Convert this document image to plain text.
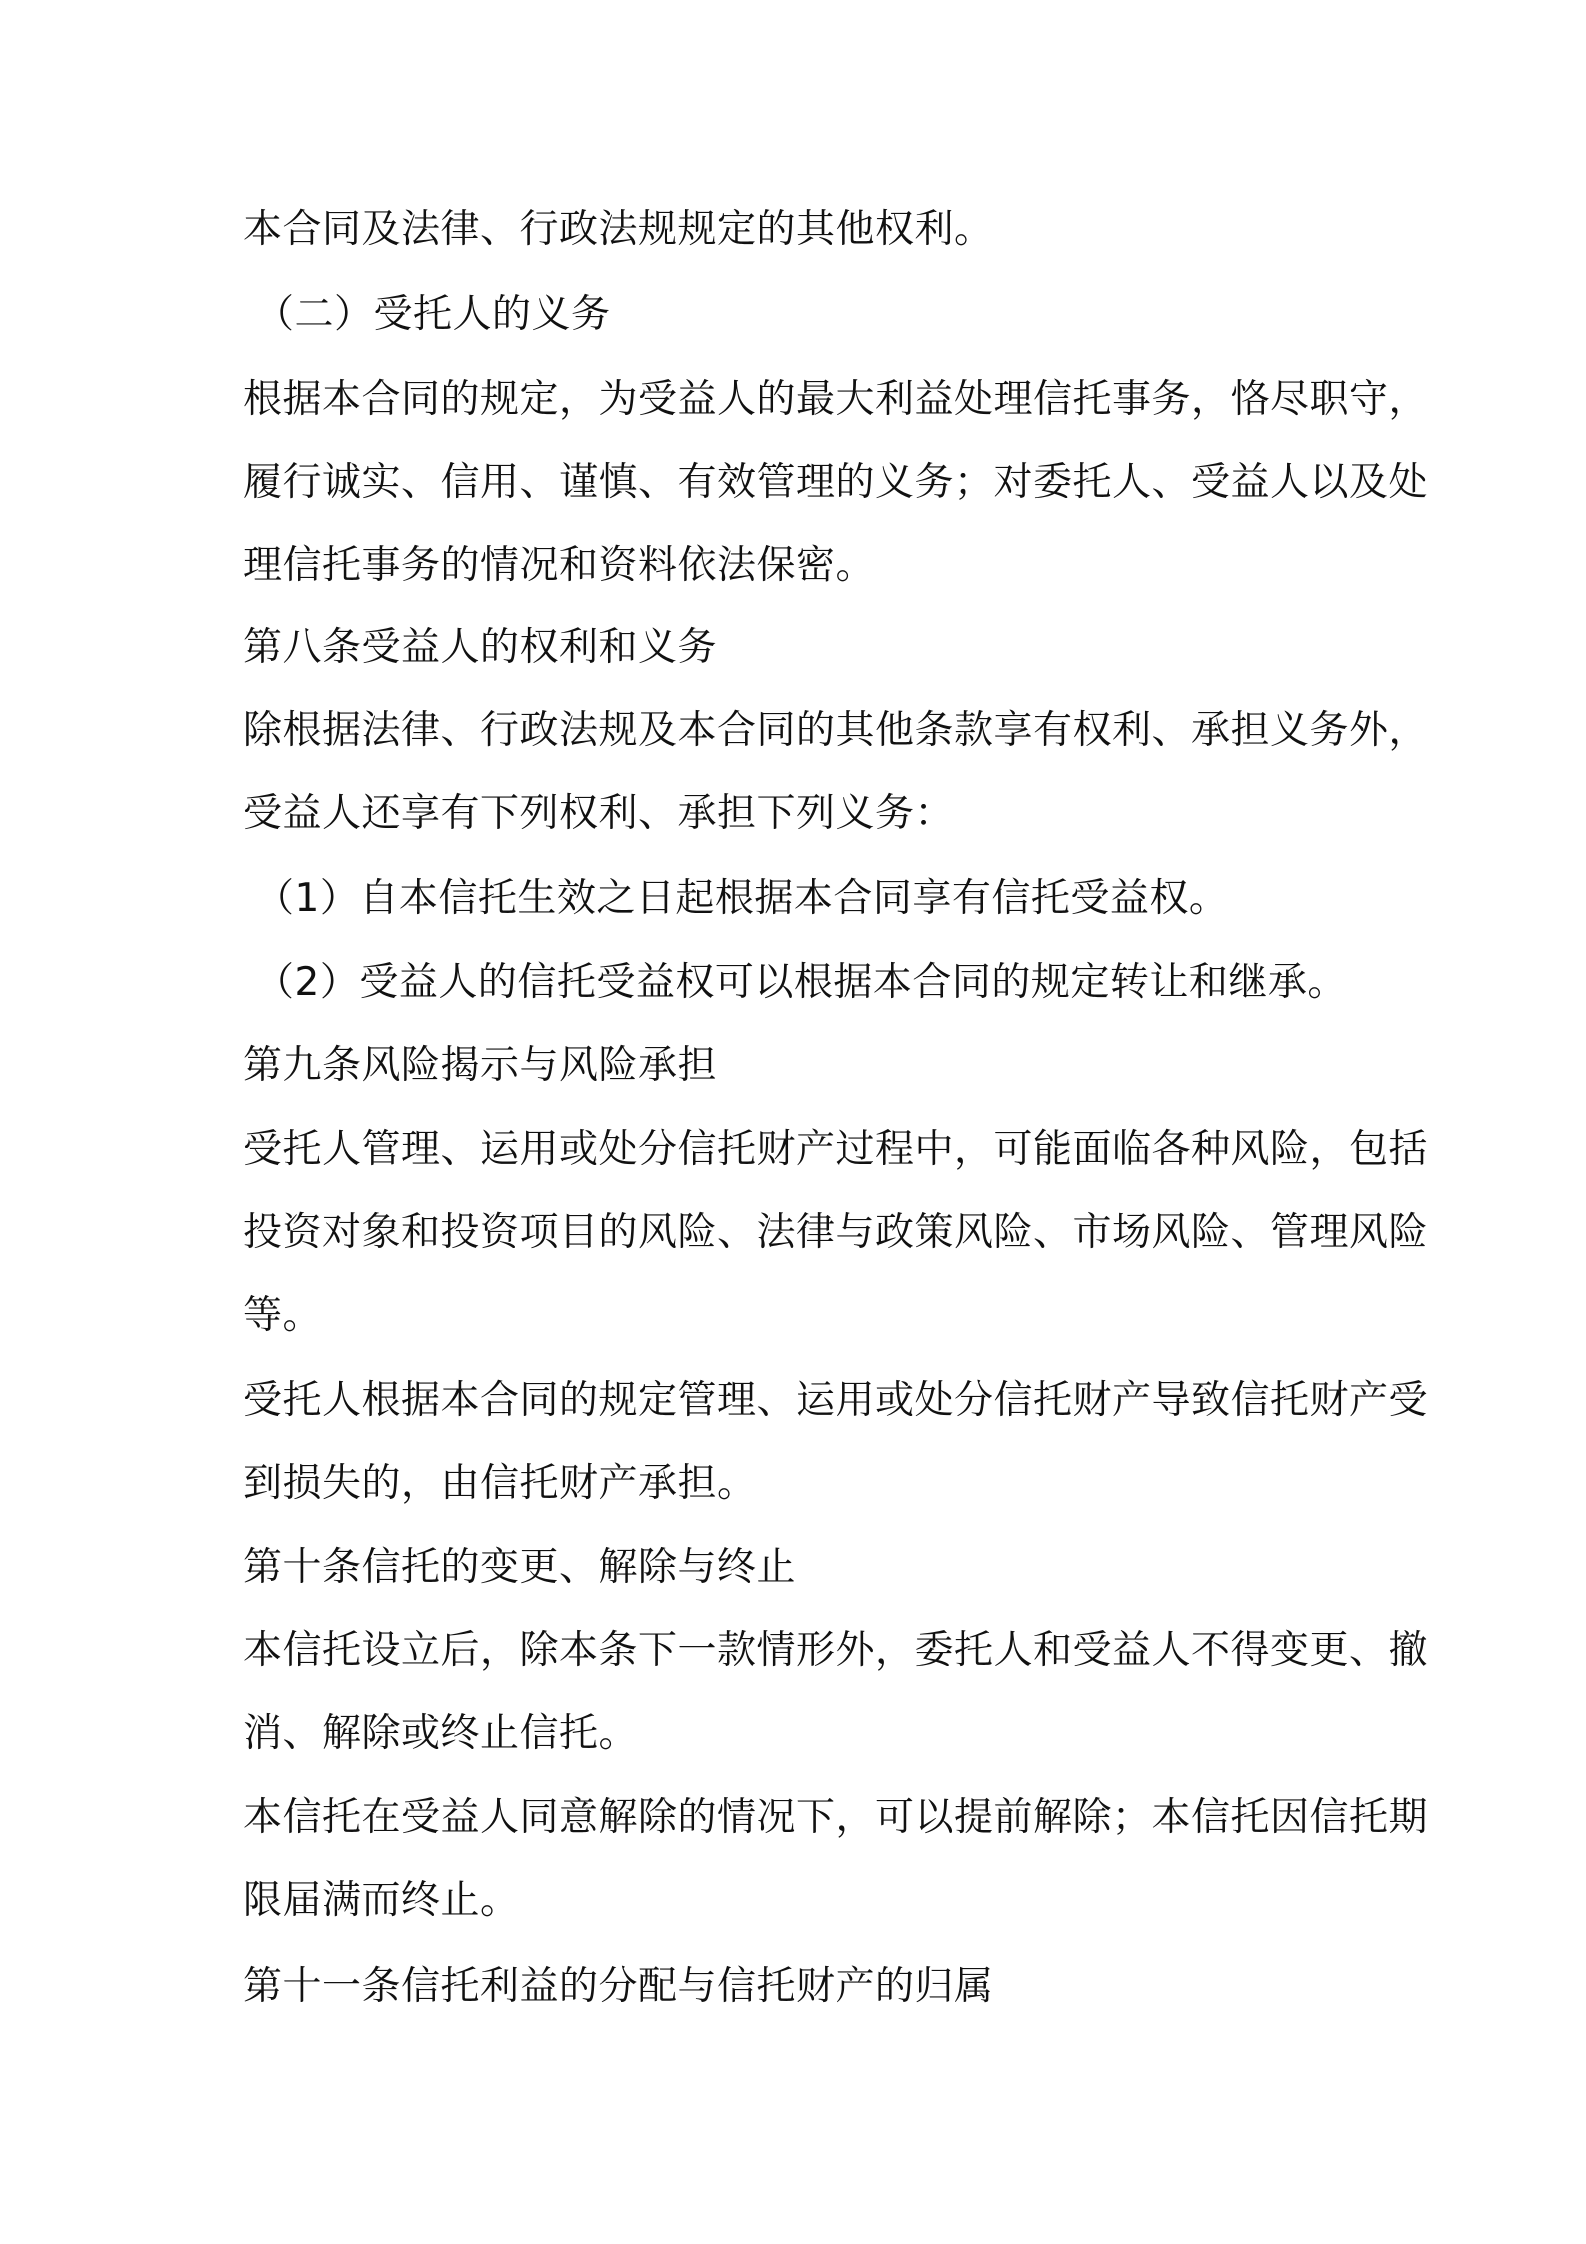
本合同及法律、行政法规规定的其他权利。
（二）受托人的义务
根据本合同的规定，为受益人的最大利益处理信托事务，恪尽职守，
履行诚实、信用、谨慎、有效管理的义务；对委托人、受益人以及处
理信托事务的情况和资料依法保密。
第八条受益人的权利和义务
除根据法律、行政法规及本合同的其他条款享有权利、承担义务外，
受益人还享有下列权利、承担下列义务：
（1）自本信托生效之日起根据本合同享有信托受益权。
（2）受益人的信托受益权可以根据本合同的规定转让和继承。
第九条风险揭示与风险承担
受托人管理、运用或处分信托财产过程中，可能面临各种风险，包括
投资对象和投资项目的风险、法律与政策风险、市场风险、管理风险
等。
受托人根据本合同的规定管理、运用或处分信托财产导致信托财产受
到损失的，由信托财产承担。
第十条信托的变更、解除与终止
本信托设立后，除本条下一款情形外，委托人和受益人不得变更、撤
消、解除或终止信托。
本信托在受益人同意解除的情况下，可以提前解除；本信托因信托期
限届满而终止。
第十一条信托利益的分配与信托财产的归属
